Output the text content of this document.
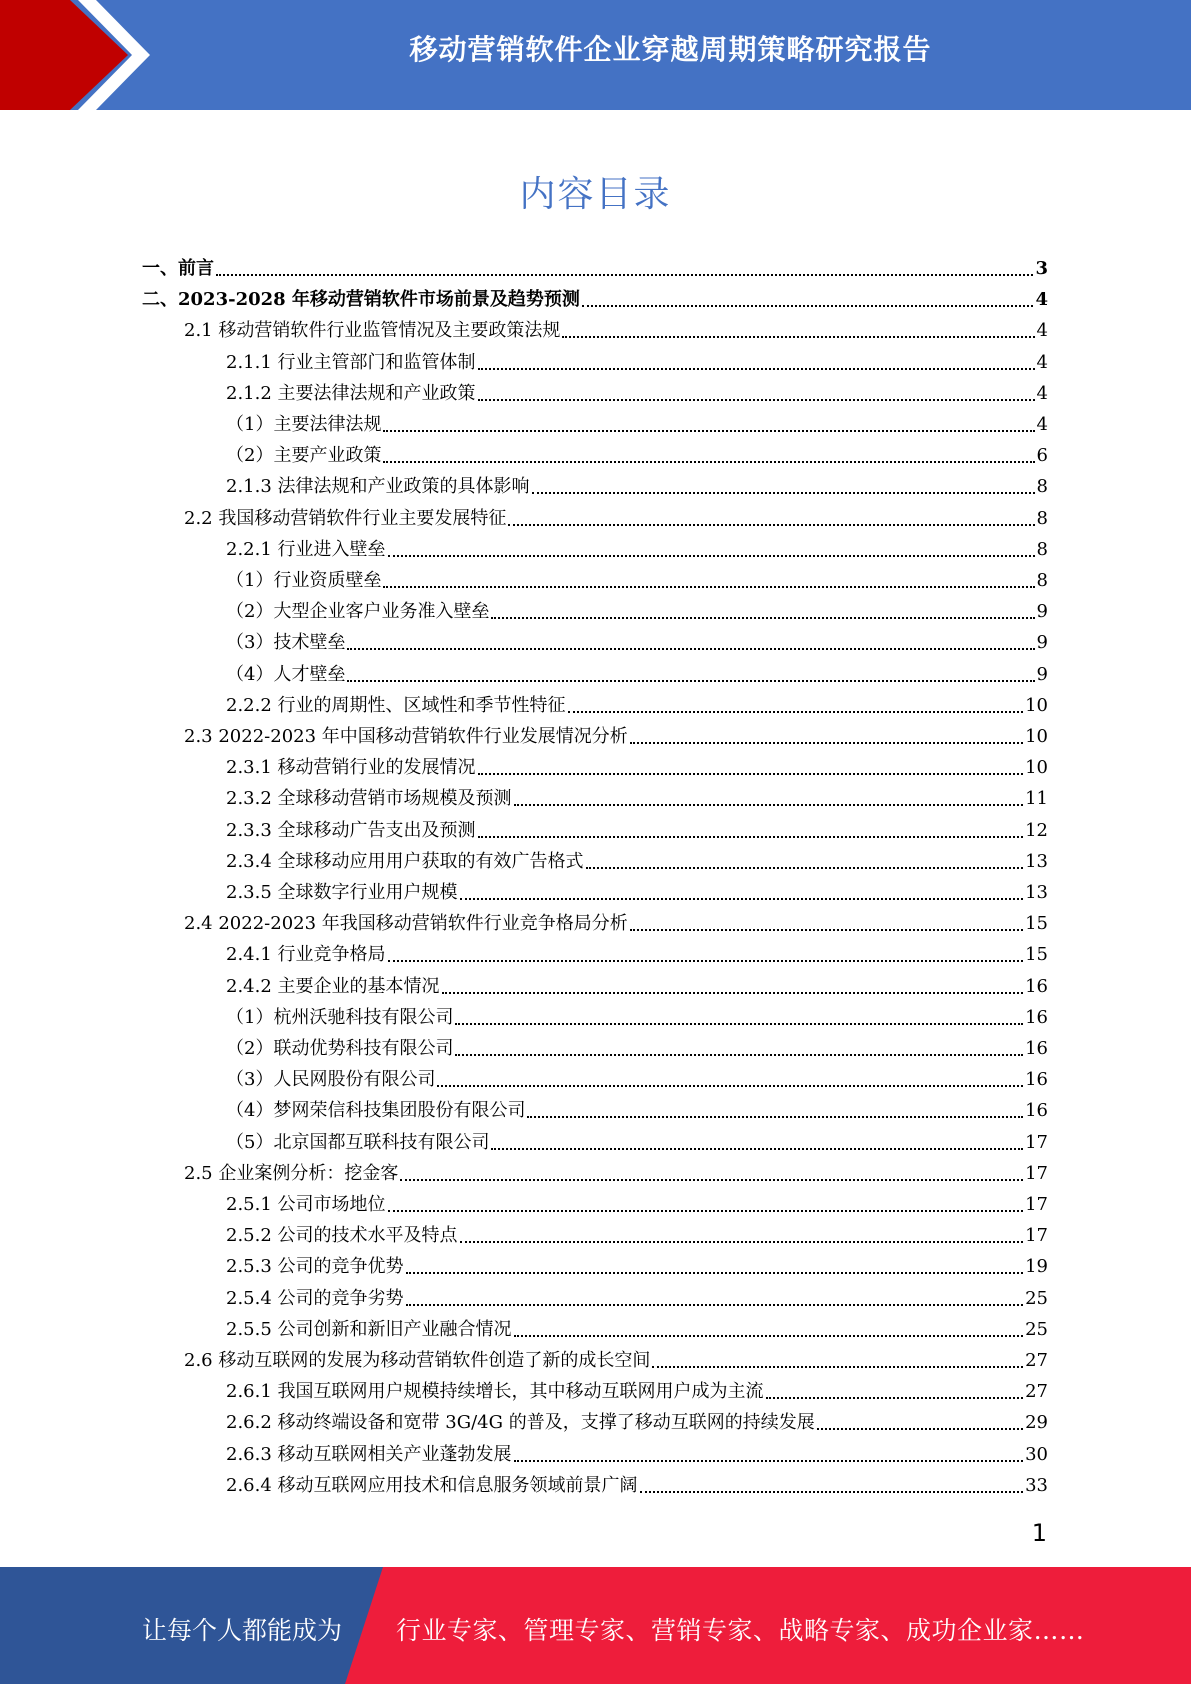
移动营销软件企业穿越周期策略研究报告
内容目录
一、前言	3
二、2023-2028 年移动营销软件市场前景及趋势预测	4
2.1 移动营销软件行业监管情况及主要政策法规	4
2.1.1 行业主管部门和监管体制	4
2.1.2 主要法律法规和产业政策	4
（1）主要法律法规	4
（2）主要产业政策	6
2.1.3 法律法规和产业政策的具体影响	8
2.2 我国移动营销软件行业主要发展特征	8
2.2.1 行业进入壁垒	8
（1）行业资质壁垒	8
（2）大型企业客户业务准入壁垒	9
（3）技术壁垒	9
（4）人才壁垒	9
2.2.2 行业的周期性、区域性和季节性特征	10
2.3 2022-2023 年中国移动营销软件行业发展情况分析	10
2.3.1 移动营销行业的发展情况	10
2.3.2 全球移动营销市场规模及预测	11
2.3.3 全球移动广告支出及预测	12
2.3.4 全球移动应用用户获取的有效广告格式	13
2.3.5 全球数字行业用户规模	13
2.4 2022-2023 年我国移动营销软件行业竞争格局分析	15
2.4.1 行业竞争格局	15
2.4.2 主要企业的基本情况	16
（1）杭州沃驰科技有限公司	16
（2）联动优势科技有限公司	16
（3）人民网股份有限公司	16
（4）梦网荣信科技集团股份有限公司	16
（5）北京国都互联科技有限公司	17
2.5 企业案例分析：挖金客	17
2.5.1 公司市场地位	17
2.5.2 公司的技术水平及特点	17
2.5.3 公司的竞争优势	19
2.5.4 公司的竞争劣势	25
2.5.5 公司创新和新旧产业融合情况	25
2.6 移动互联网的发展为移动营销软件创造了新的成长空间	27
2.6.1 我国互联网用户规模持续增长，其中移动互联网用户成为主流	27
2.6.2 移动终端设备和宽带 3G/4G 的普及，支撑了移动互联网的持续发展	29
2.6.3 移动互联网相关产业蓬勃发展	30
2.6.4 移动互联网应用技术和信息服务领域前景广阔	33
1
让每个人都能成为 行业专家、管理专家、营销专家、战略专家、成功企业家……
